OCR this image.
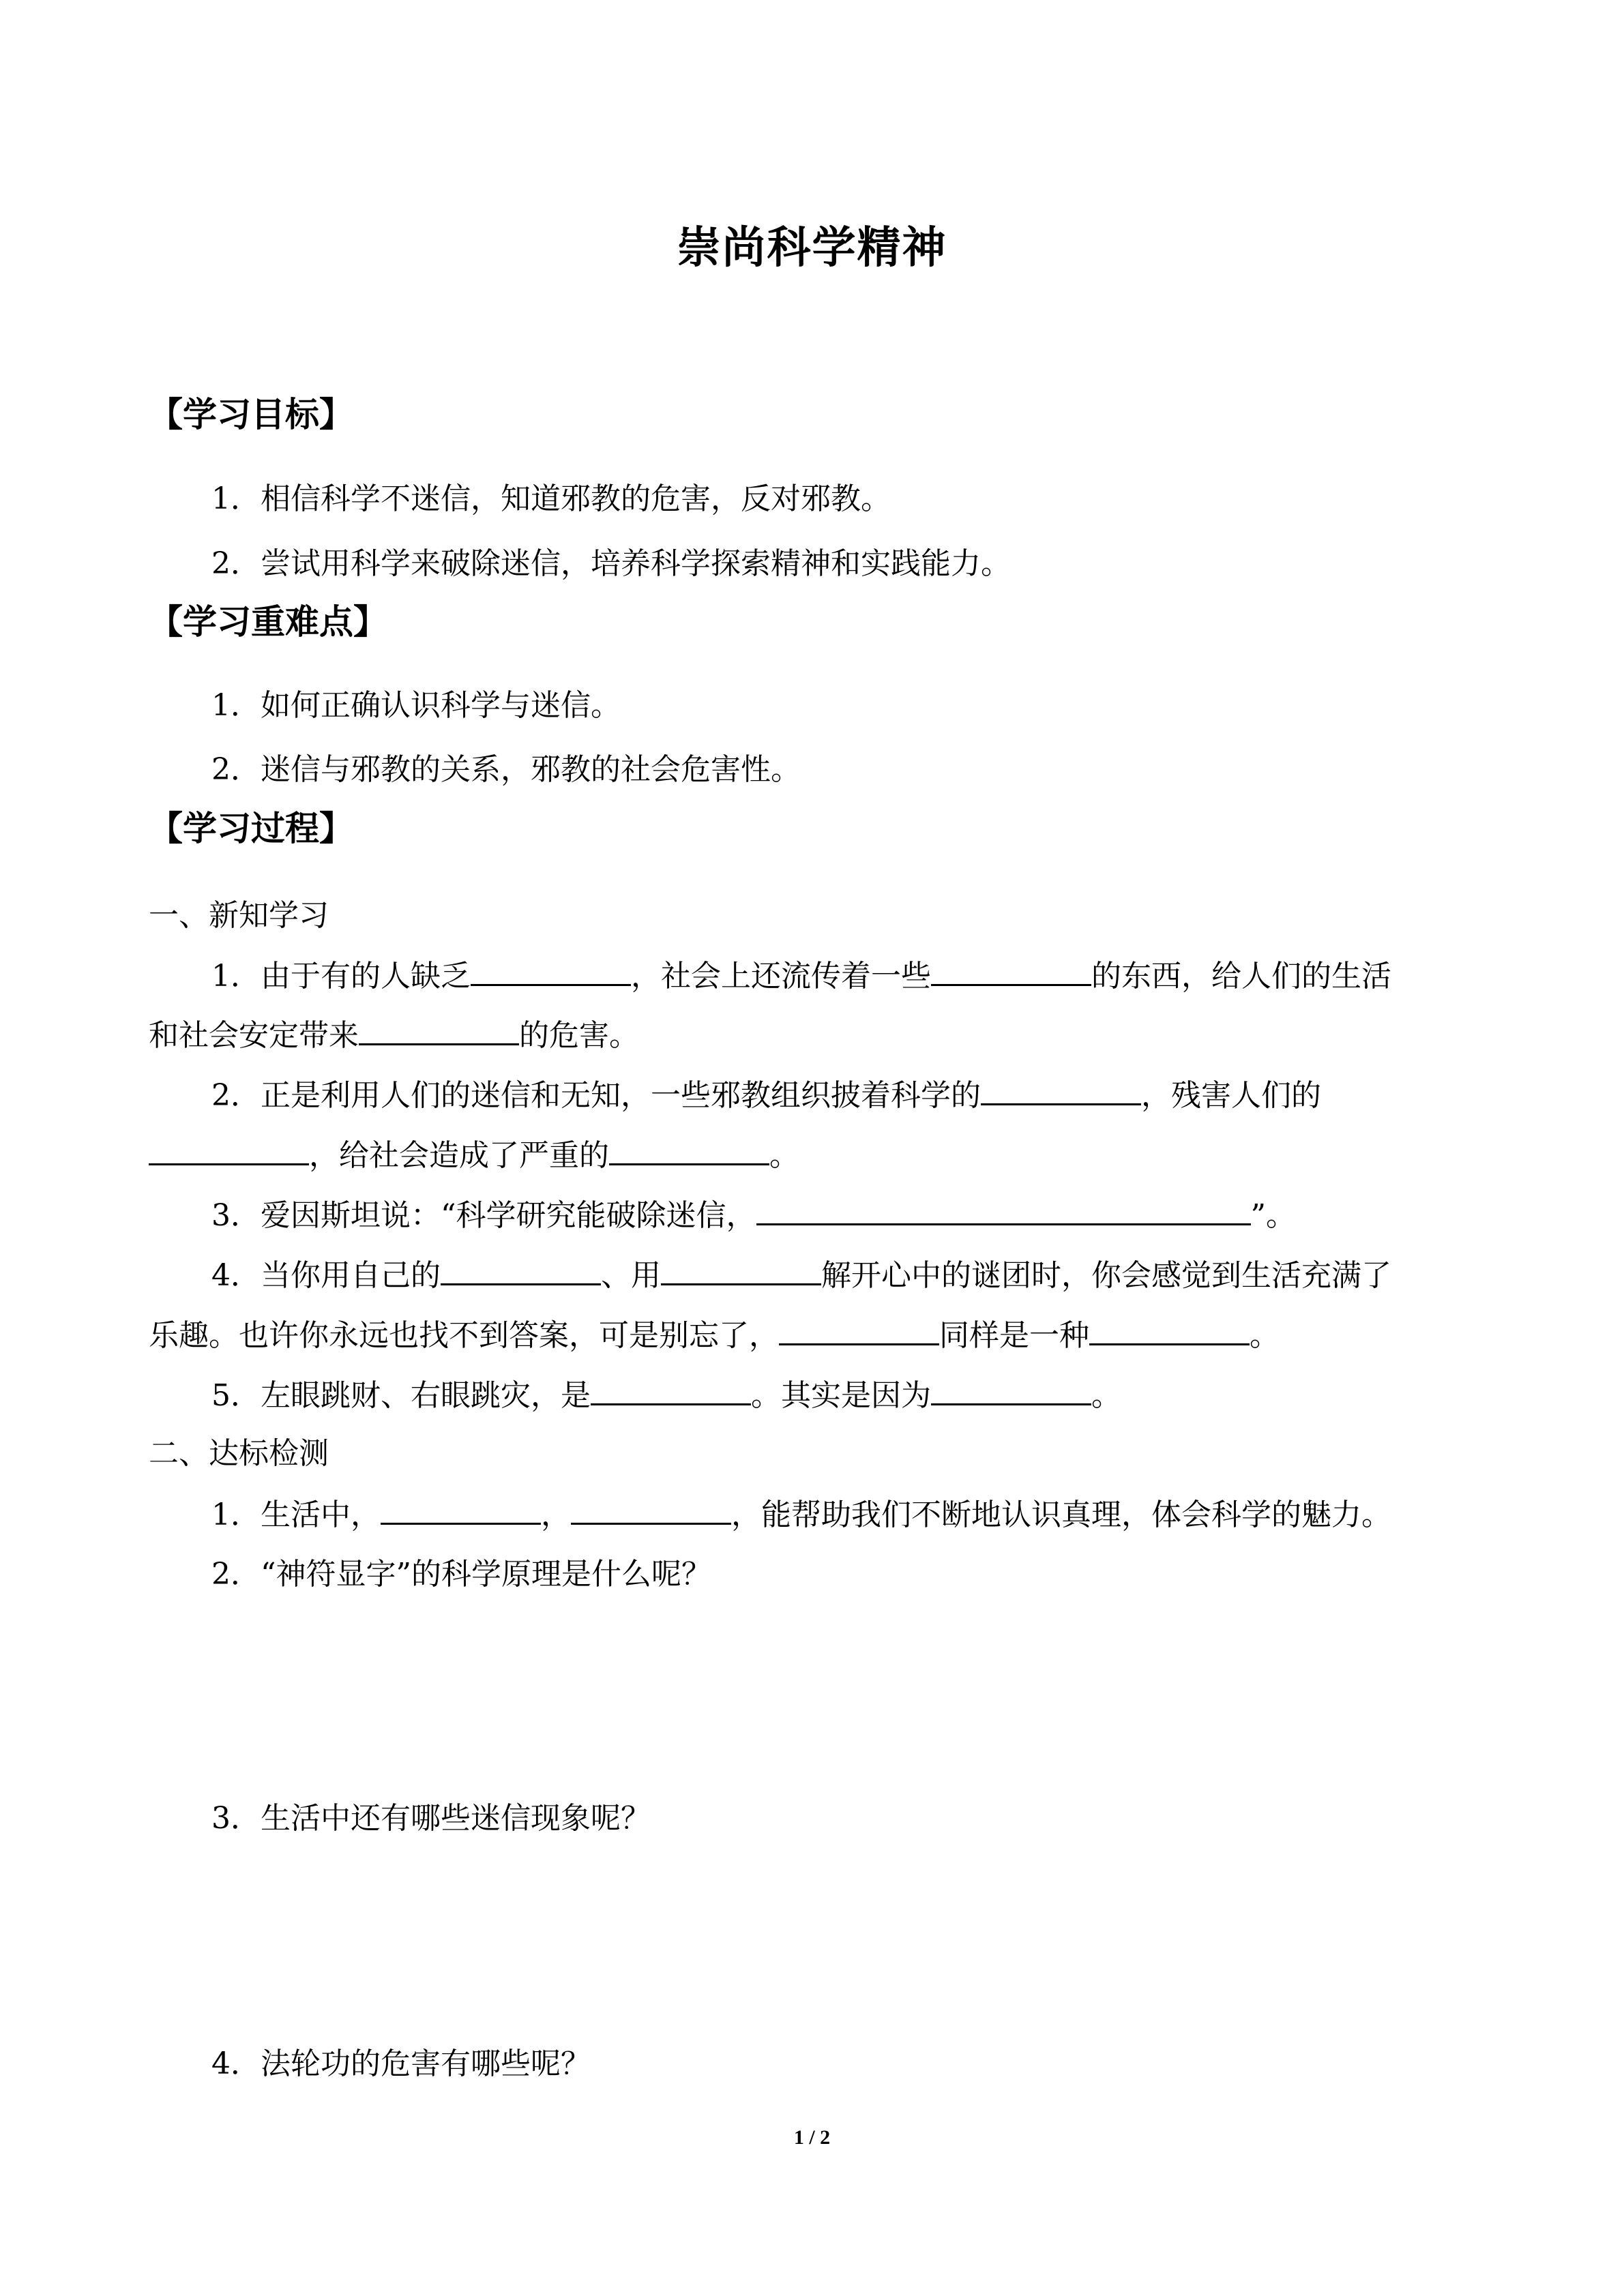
崇尚科学精神
【学习目标】
1．相信科学不迷信，知道邪教的危害，反对邪教。
2．尝试用科学来破除迷信，培养科学探索精神和实践能力。
【学习重难点】
1．如何正确认识科学与迷信。
2．迷信与邪教的关系，邪教的社会危害性。
【学习过程】
一、新知学习
1．由于有的人缺乏	，社会上还流传着一些	的东西，给人们的生活
和社会安定带来	的危害。
2．正是利用人们的迷信和无知，一些邪教组织披着科学的	，残害人们的
，给社会造成了严重的	。
3．爱因斯坦说：“科学研究能破除迷信，	”。
4．当你用自己的	、用	解开心中的谜团时，你会感觉到生活充满了
乐趣。也许你永远也找不到答案，可是别忘了，	同样是一种	。
5．左眼跳财、右眼跳灾，是	。其实是因为	。
二、达标检测
1．生活中，	，	，能帮助我们不断地认识真理，体会科学的魅力。
2．“神符显字”的科学原理是什么呢？
3．生活中还有哪些迷信现象呢？
4．法轮功的危害有哪些呢？
1 / 2
